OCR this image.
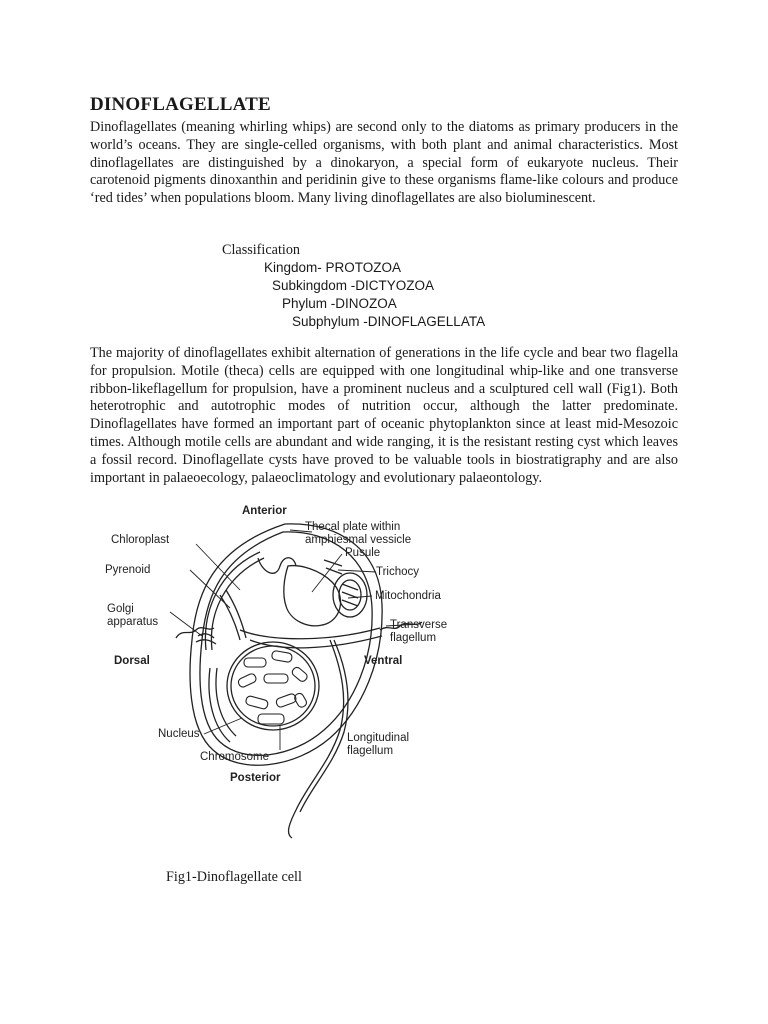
DINOFLAGELLATE

Dinoflagellates (meaning whirling whips) are second only to the diatoms as primary producers in the world’s oceans. They are single-celled organisms, with both plant and animal characteristics. Most dinoflagellates are distinguished by a dinokaryon, a special form of eukaryote nucleus. Their carotenoid pigments dinoxanthin and peridinin give to these organisms flame-like colours and produce ‘red tides’ when populations bloom. Many living dinoflagellates are also bioluminescent.

Classification

Kingdom- PROTOZOA

Subkingdom -DICTYOZOA

Phylum -DINOZOA

Subphylum -DINOFLAGELLATA

The majority of dinoflagellates exhibit alternation of generations in the life cycle and bear two flagella for propulsion. Motile (theca) cells are equipped with one longitudinal whip-like and one transverse ribbon-likeflagellum for propulsion, have a prominent nucleus and a sculptured cell wall (Fig1). Both heterotrophic and autotrophic modes of nutrition occur, although the latter predominate. Dinoflagellates have formed an important part of oceanic phytoplankton since at least mid-Mesozoic times. Although motile cells are abundant and wide ranging, it is the resistant resting cyst which leaves a fossil record. Dinoflagellate cysts have proved to be valuable tools in biostratigraphy and are also important in palaeoecology, palaeoclimatology and evolutionary palaeontology.

Anterior

Posterior

Dorsal	Ventral

Chloroplast

Pyrenoid

Golgi

apparatus

Thecal plate within

amphiesmal vessicle

Pusule

Trichocy

Mitochondria

Transverse

flagellum

Nucleus

Chromosome

Longitudinal

flagellum

Fig1-Dinoflagellate cell
